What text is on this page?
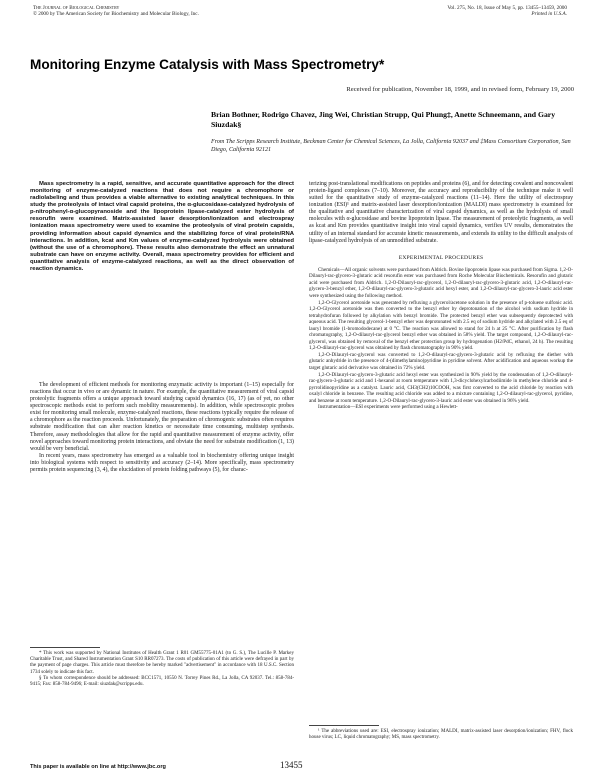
The Journal of Biological Chemistry
© 2000 by The American Society for Biochemistry and Molecular Biology, Inc.
Vol. 275, No. 18, Issue of May 5, pp. 13455–13459, 2000
Printed in U.S.A.
Monitoring Enzyme Catalysis with Mass Spectrometry*
Received for publication, November 18, 1999, and in revised form, February 19, 2000
Brian Bothner, Rodrigo Chavez, Jing Wei, Christian Strupp, Qui Phung‡, Anette Schneemann, and Gary Siuzdak§
From The Scripps Research Institute, Beckman Center for Chemical Sciences, La Jolla, California 92037 and ‡Mass Consortium Corporation, San Diego, California 92121

Mass spectrometry is a rapid, sensitive, and accurate quantitative approach for the direct monitoring of enzyme-catalyzed reactions that does not require a chromophore or radiolabeling and thus provides a viable alternative to existing analytical techniques. In this study the proteolysis of intact viral capsid proteins, the α-glucosidase-catalyzed hydrolysis of p-nitrophenyl-α-glucopyranoside and the lipoprotein lipase-catalyzed ester hydrolysis of resorufin were examined. Matrix-assisted laser desorption/ionization and electrospray ionization mass spectrometry were used to examine the proteolysis of viral protein capsids, providing information about capsid dynamics and the stabilizing force of viral protein/RNA interactions. In addition, kcat and Km values of enzyme-catalyzed hydrolysis were obtained (without the use of a chromophore). These results also demonstrate the effect an unnatural substrate can have on enzyme activity. Overall, mass spectrometry provides for efficient and quantitative analysis of enzyme-catalyzed reactions, as well as the direct observation of reaction dynamics.

The development of efficient methods for monitoring enzymatic activity is important (1–15) especially for reactions that occur in vivo or are dynamic in nature. For example, the quantitative measurement of viral capsid proteolytic fragments offers a unique approach toward studying capsid dynamics (16, 17) (as of yet, no other spectroscopic methods exist to perform such mobility measurements). In addition, while spectroscopic probes exist for monitoring small molecule, enzyme-catalyzed reactions, these reactions typically require the release of a chromophore as the reaction proceeds. Unfortunately, the preparation of chromogenic substrates often requires substrate modification that can alter reaction kinetics or necessitate time consuming, multistep synthesis. Therefore, assay methodologies that allow for the rapid and quantitative measurement of enzyme activity, offer novel approaches toward monitoring protein interactions, and obviate the need for substrate modification (1, 13) would be very beneficial.

In recent years, mass spectrometry has emerged as a valuable tool in biochemistry offering unique insight into biological systems with respect to sensitivity and accuracy (2–14). More specifically, mass spectrometry permits protein sequencing (3, 4), the elucidation of protein folding pathways (5), for charac-

terizing post-translational modifications on peptides and proteins (6), and for detecting covalent and noncovalent protein-ligand complexes (7–10). Moreover, the accuracy and reproducibility of the technique make it well suited for the quantitative study of enzyme-catalyzed reactions (11–14). Here the utility of electrospray ionization (ESI)¹ and matrix-assisted laser desorption/ionization (MALDI) mass spectrometry is examined for the qualitative and quantitative characterization of viral capsid dynamics, as well as the hydrolysis of small molecules with α-glucosidase and bovine lipoprotein lipase. The measurement of proteolytic fragments, as well as kcat and Km provides quantitative insight into viral capsid dynamics, verifies UV results, demonstrates the utility of an internal standard for accurate kinetic measurements, and extends its utility to the difficult analysis of lipase-catalyzed hydrolysis of an unmodified substrate.

EXPERIMENTAL PROCEDURES

Chemicals—All organic solvents were purchased from Aldrich. Bovine lipoprotein lipase was purchased from Sigma. 1,2-O-Dilauryl-rac-glycero-3-glutaric acid resorufin ester was purchased from Roche Molecular Biochemicals. Resorufin and glutaric acid were purchased from Aldrich. 1,2-O-Dilauryl-rac-glycerol, 1,2-O-dilauryl-rac-glycero-3-glutaric acid, 1,2-O-dilauryl-rac-glycero-3-benzyl ether, 1,2-O-dilauryl-rac-glycero-3-glutaric acid hexyl ester, and 1,2-O-dilauryl-rac-glycero-3-lauric acid ester were synthesized using the following method.

1,2-O-Glycerol acetonide was generated by refluxing a glycerol/acetone solution in the presence of p-toluene sulfonic acid. 1,2-O-Glycerol acetonide was then converted to the benzyl ether by deprotonation of the alcohol with sodium hydride in tetrahydrofuran followed by alkylation with benzyl bromide. The protected benzyl ether was subsequently deprotected with aqueous acid. The resulting glycerol-1-benzyl ether was deprotonated with 2.5 eq of sodium hydride and alkylated with 2.5 eq of lauryl bromide (1-bromododecane) at 0 °C. The reaction was allowed to stand for 24 h at 25 °C. After purification by flash chromatography, 1,2-O-dilauryl-rac-glycerol benzyl ether was obtained in 58% yield. The target compound, 1,2-O-dilauryl-rac-glycerol, was obtained by removal of the benzyl ether protection group by hydrogenation (H2/PdC, ethanol, 24 h). The resulting 1,2-O-dilauryl-rac-glycerol was obtained by flash chromatography in 90% yield.

1,2-O-Dilauryl-rac-glycerol was converted to 1,2-O-dilauryl-rac-glycero-3-glutaric acid by refluxing the diether with glutaric anhydride in the presence of 4-(dimethylamino)pyridine in pyridine solvent. After acidification and aqueous workup the target glutaric acid derivative was obtained in 72% yield.

1,2-O-Dilauryl-rac-glycero-3-glutaric acid hexyl ester was synthesized in 90% yield by the condensation of 1,2-O-dilauryl-rac-glycero-3-glutaric acid and 1-hexanol at room temperature with 1,3-dicyclohexylcarbodiimide in methylene chloride and 4-pyrrolidinopyridine as a catalyst. Lauric acid, CH3(CH2)10COOH, was first converted to the acid chloride by reaction with oxalyl chloride in benzene. The resulting acid chloride was added to a mixture containing 1,2-O-dilauryl-rac-glycerol, pyridine, and benzene at room temperature. 1,2-O-Dilauryl-rac-glycero-3-lauric acid ester was obtained in 96% yield.

Instrumentation—ESI experiments were performed using a Hewlett-

* This work was supported by National Institutes of Health Grant 1 R01 GM55775-01A1 (to G. S.), The Lucille P. Markey Charitable Trust, and Shared Instrumentation Grant S10 RR07273. The costs of publication of this article were defrayed in part by the payment of page charges. This article must therefore be hereby marked "advertisement" in accordance with 18 U.S.C. Section 1734 solely to indicate this fact.

§ To whom correspondence should be addressed: BCC1571, 10550 N. Torrey Pines Rd., La Jolla, CA 92037. Tel.: 858-784-9415; Fax: 858-784-9496; E-mail: siuzdak@scripps.edu.

¹ The abbreviations used are: ESI, electrospray ionization; MALDI, matrix-assisted laser desorption/ionization; FHV, flock house virus; LC, liquid chromatography; MS, mass spectrometry.

This paper is available on line at http://www.jbc.org	13455
